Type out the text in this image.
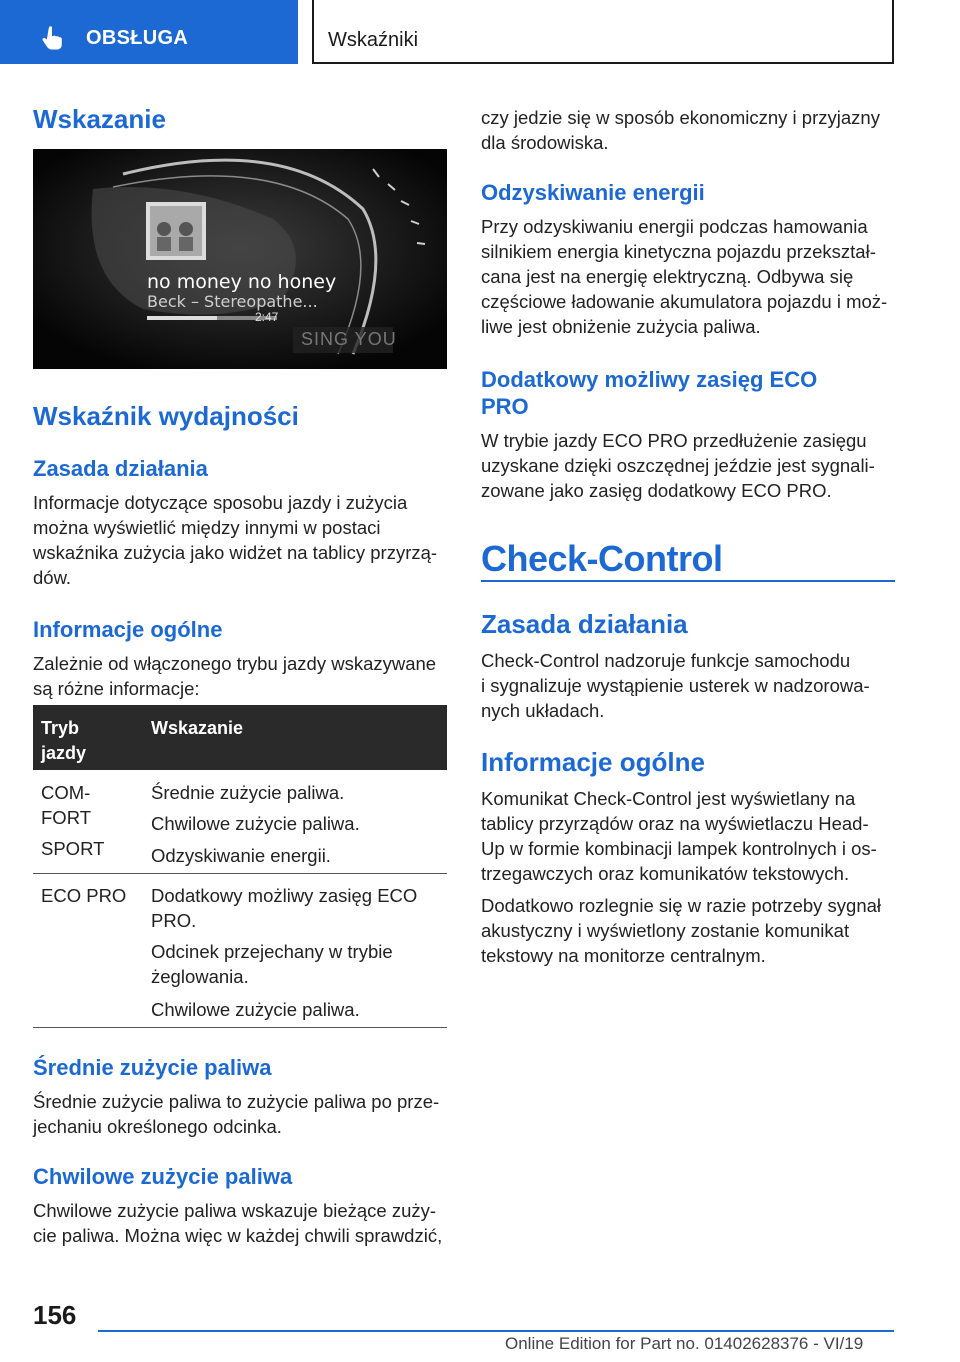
OBSŁUGA	Wskaźniki
Wskazanie
no money no honey
Beck – Stereopathe...
2:47
SING YOU
Wskaźnik wydajności
Zasada działania
Informacje dotyczące sposobu jazdy i zużycia
można wyświetlić między innymi w postaci
wskaźnika zużycia jako widżet na tablicy przyrzą‐
dów.
Informacje ogólne
Zależnie od włączonego trybu jazdy wskazywane
są różne informacje:
Tryb
jazdy
Wskazanie
COM‐
FORT
SPORT
Średnie zużycie paliwa.
Chwilowe zużycie paliwa.
Odzyskiwanie energii.
ECO PRO Dodatkowy możliwy zasięg ECO
PRO.
Odcinek przejechany w trybie
żeglowania.
Chwilowe zużycie paliwa.
Średnie zużycie paliwa
Średnie zużycie paliwa to zużycie paliwa po prze‐
jechaniu określonego odcinka.
Chwilowe zużycie paliwa
Chwilowe zużycie paliwa wskazuje bieżące zuży‐
cie paliwa. Można więc w każdej chwili sprawdzić,
czy jedzie się w sposób ekonomiczny i przyjazny
dla środowiska.
Odzyskiwanie energii
Przy odzyskiwaniu energii podczas hamowania
silnikiem energia kinetyczna pojazdu przekształ‐
cana jest na energię elektryczną. Odbywa się
częściowe ładowanie akumulatora pojazdu i moż‐
liwe jest obniżenie zużycia paliwa.
Dodatkowy możliwy zasięg ECO
PRO
W trybie jazdy ECO PRO przedłużenie zasięgu
uzyskane dzięki oszczędnej jeździe jest sygnali‐
zowane jako zasięg dodatkowy ECO PRO.
Check-Control
Zasada działania
Check-Control nadzoruje funkcje samochodu
i sygnalizuje wystąpienie usterek w nadzorowa‐
nych układach.
Informacje ogólne
Komunikat Check-Control jest wyświetlany na
tablicy przyrządów oraz na wyświetlaczu Head-
Up w formie kombinacji lampek kontrolnych i os‐
trzegawczych oraz komunikatów tekstowych.
Dodatkowo rozlegnie się w razie potrzeby sygnał
akustyczny i wyświetlony zostanie komunikat
tekstowy na monitorze centralnym.
156
Online Edition for Part no. 01402628376 - VI/19
